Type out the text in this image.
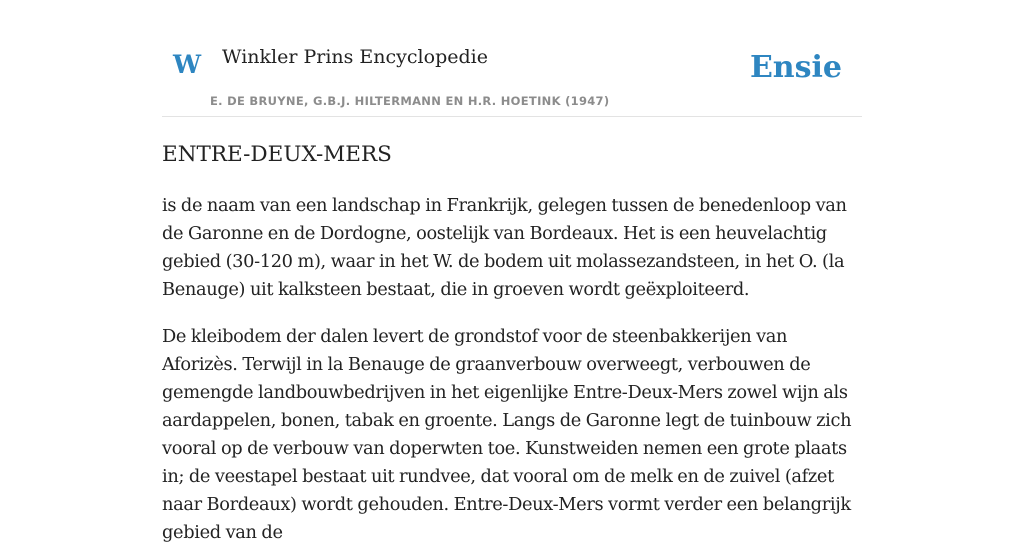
W Winkler Prins Encyclopedie	Ensie
E. DE BRUYNE, G.B.J. HILTERMANN EN H.R. HOETINK (1947)
ENTRE-DEUX-MERS

is de naam van een landschap in Frankrijk, gelegen tussen de benedenloop van de Garonne en de Dordogne, oostelijk van Bordeaux. Het is een heuvelachtig gebied (30-120 m), waar in het W. de bodem uit molassezandsteen, in het O. (la Benauge) uit kalksteen bestaat, die in groeven wordt geëxploiteerd.

De kleibodem der dalen levert de grondstof voor de steenbakkerijen van Aforizès. Terwijl in la Benauge de graanverbouw overweegt, verbouwen de gemengde landbouwbedrijven in het eigenlijke Entre-Deux-Mers zowel wijn als aardappelen, bonen, tabak en groente. Langs de Garonne legt de tuinbouw zich vooral op de verbouw van doperwten toe. Kunstweiden nemen een grote plaats in; de veestapel bestaat uit rundvee, dat vooral om de melk en de zuivel (afzet naar Bordeaux) wordt gehouden. Entre-Deux-Mers vormt verder een belangrijk gebied van de
